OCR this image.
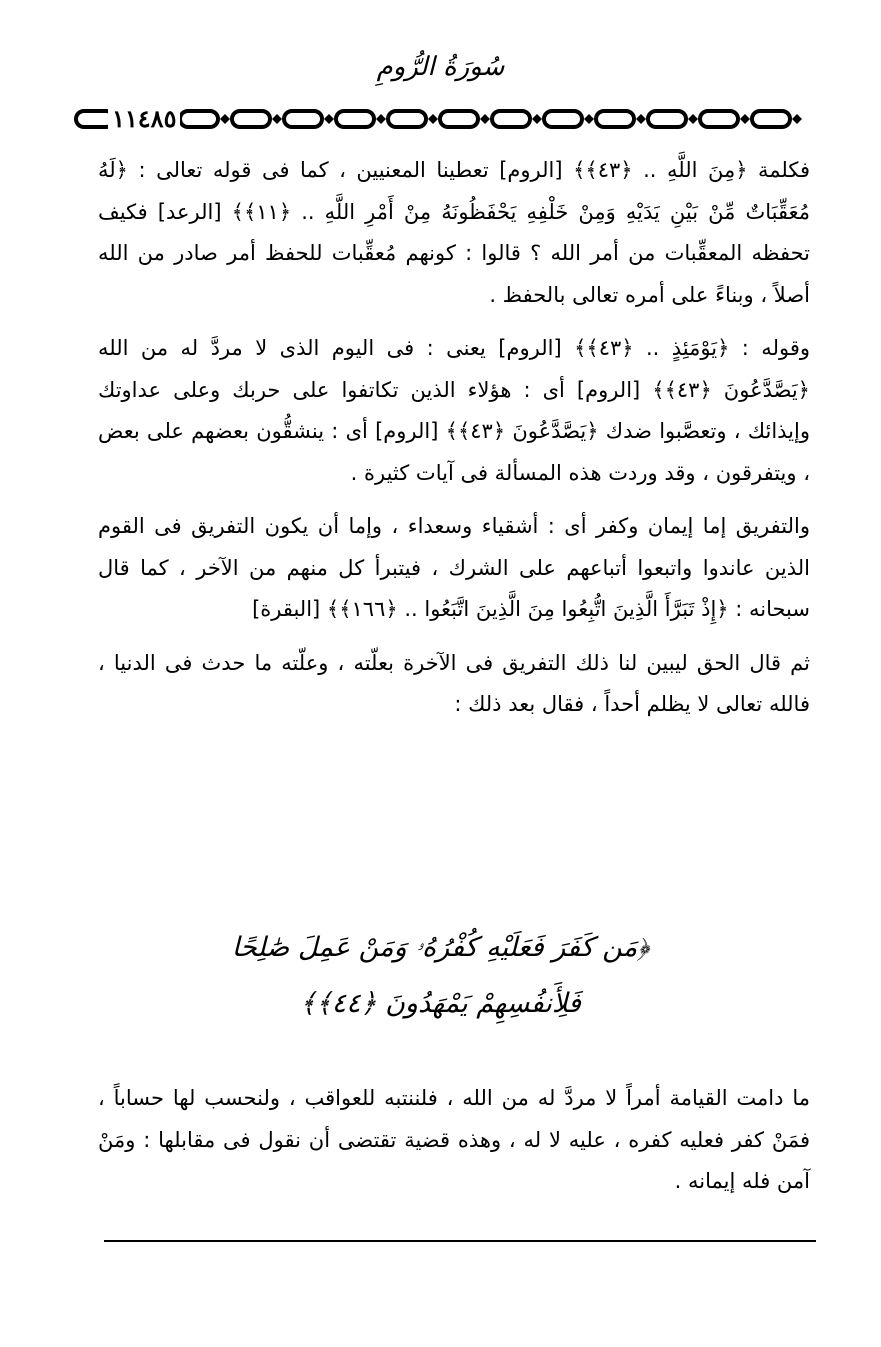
سُورَةُ الرُّومِ
١١٤٨٥

فكلمة ﴿مِنَ اللَّهِ .. ﴿٤٣﴾﴾ [الروم] تعطينا المعنيين ، كما فى قوله تعالى : ﴿لَهُ مُعَقِّبَاتٌ مِّنْ بَيْنِ يَدَيْهِ وَمِنْ خَلْفِهِ يَحْفَظُونَهُ مِنْ أَمْرِ اللَّهِ .. ﴿١١﴾﴾ [الرعد] فكيف تحفظه المعقِّبات من أمر الله ؟ قالوا : كونهم مُعقِّبات للحفظ أمر صادر من الله أصلاً ، وبناءً على أمره تعالى بالحفظ .

وقوله : ﴿يَوْمَئِذٍ .. ﴿٤٣﴾﴾ [الروم] يعنى : فى اليوم الذى لا مردَّ له من الله ﴿يَصَّدَّعُونَ ﴿٤٣﴾﴾ [الروم] أى : هؤلاء الذين تكاتفوا على حربك وعلى عداوتك وإيذائك ، وتعصَّبوا ضدك ﴿يَصَّدَّعُونَ ﴿٤٣﴾﴾ [الروم] أى : ينشقُّون بعضهم على بعض ، ويتفرقون ، وقد وردت هذه المسألة فى آيات كثيرة .

والتفريق إما إيمان وكفر أى : أشقياء وسعداء ، وإما أن يكون التفريق فى القوم الذين عاندوا واتبعوا أتباعهم على الشرك ، فيتبرأ كل منهم من الآخر ، كما قال سبحانه : ﴿إِذْ تَبَرَّأَ الَّذِينَ اتُّبِعُوا مِنَ الَّذِينَ اتَّبَعُوا .. ﴿١٦٦﴾﴾ [البقرة]

ثم قال الحق ليبين لنا ذلك التفريق فى الآخرة بعلّته ، وعلّته ما حدث فى الدنيا ، فالله تعالى لا يظلم أحداً ، فقال بعد ذلك :

﴿مَن كَفَرَ فَعَلَيْهِ كُفْرُهُۥ وَمَنْ عَمِلَ صَٰلِحًا
فَلِأَنفُسِهِمْ يَمْهَدُونَ ﴿٤٤﴾﴾

ما دامت القيامة أمراً لا مردَّ له من الله ، فلننتبه للعواقب ، ولنحسب لها حساباً ، فمَنْ كفر فعليه كفره ، عليه لا له ، وهذه قضية تقتضى أن نقول فى مقابلها : ومَنْ آمن فله إيمانه .
